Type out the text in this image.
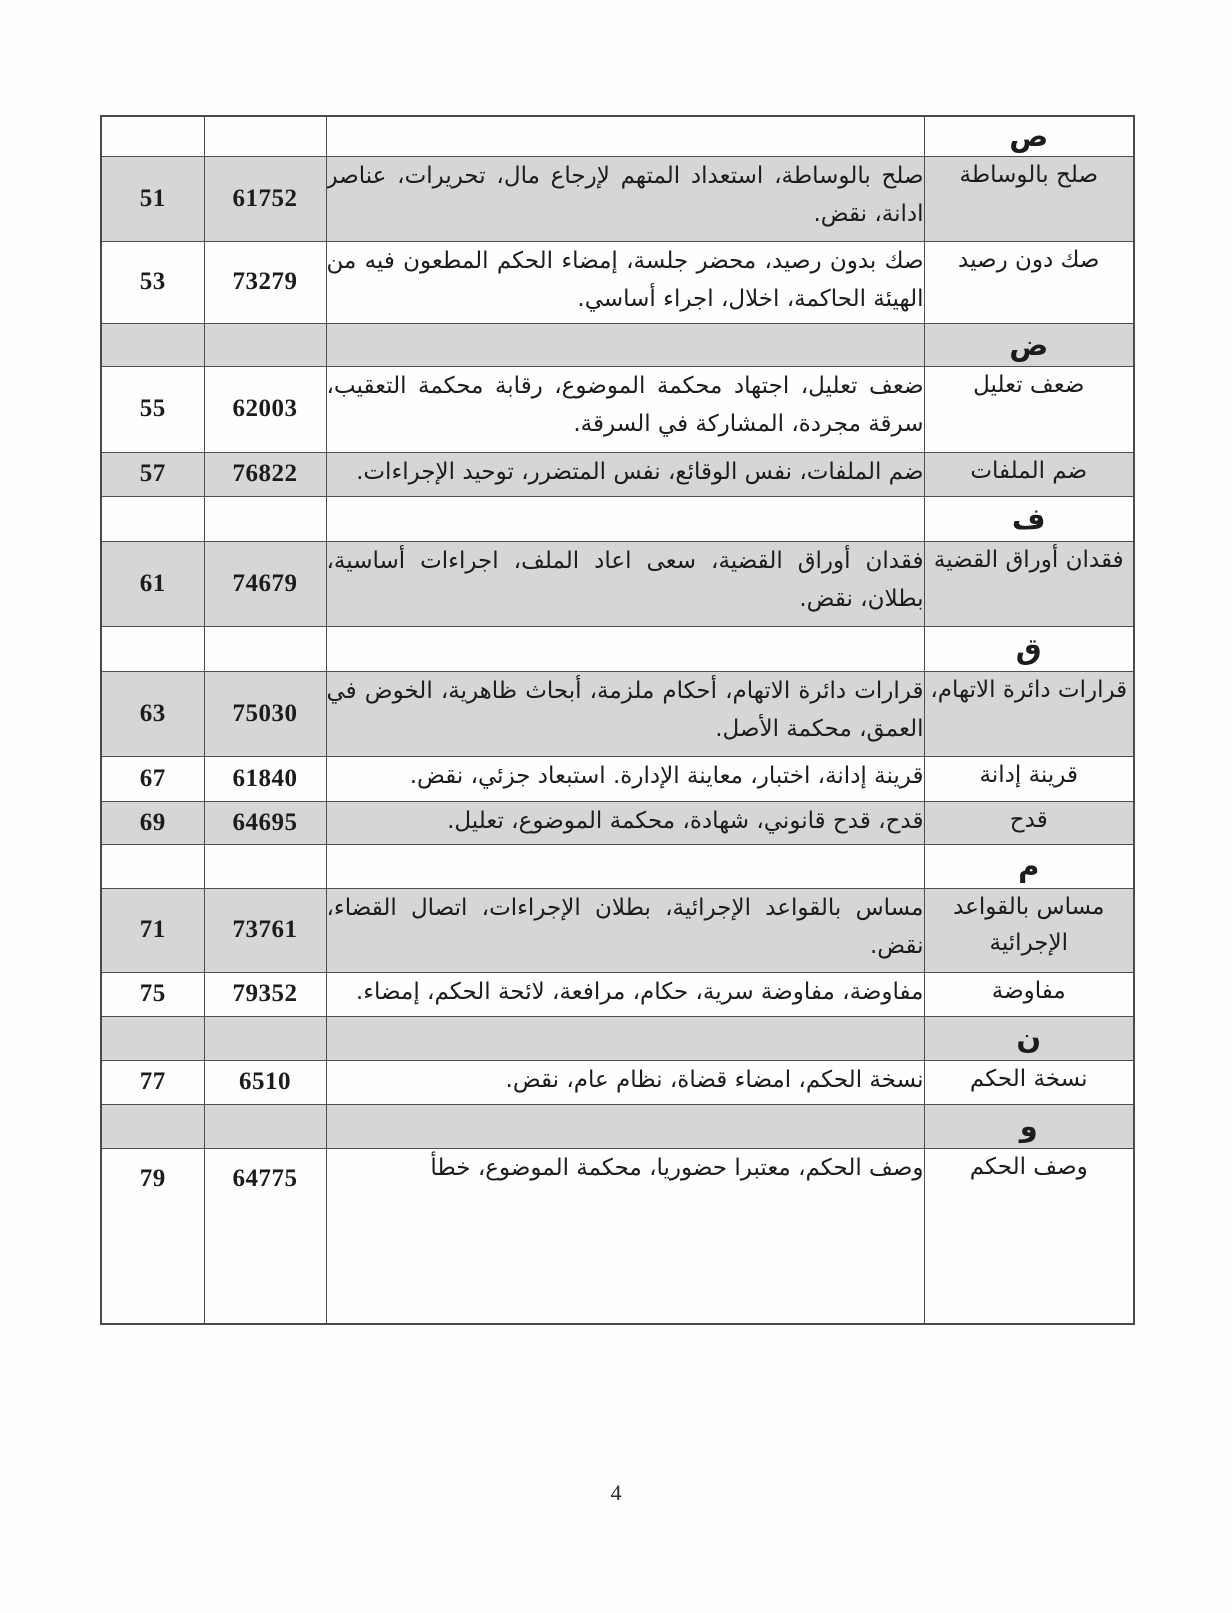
ص			
صلح بالوساطة	صلح بالوساطة، استعداد المتهم لإرجاع مال، تحريرات، عناصر ادانة، نقض.	61752	51
صك دون رصيد	صك بدون رصيد، محضر جلسة، إمضاء الحكم المطعون فيه من الهيئة الحاكمة، اخلال، اجراء أساسي.	73279	53
ض			
ضعف تعليل	ضعف تعليل، اجتهاد محكمة الموضوع، رقابة محكمة التعقيب، سرقة مجردة، المشاركة في السرقة.	62003	55
ضم الملفات	ضم الملفات، نفس الوقائع، نفس المتضرر، توحيد الإجراءات.	76822	57
ف			
فقدان أوراق القضية	فقدان أوراق القضية، سعى اعاد الملف، اجراءات أساسية، بطلان، نقض.	74679	61
ق			
قرارات دائرة الاتهام،	قرارات دائرة الاتهام، أحكام ملزمة، أبحاث ظاهرية، الخوض في العمق، محكمة الأصل.	75030	63
قرينة إدانة	قرينة إدانة، اختبار، معاينة الإدارة. استبعاد جزئي، نقض.	61840	67
قدح	قدح، قدح قانوني، شهادة، محكمة الموضوع، تعليل.	64695	69
م			
مساس بالقواعد الإجرائية	مساس بالقواعد الإجرائية، بطلان الإجراءات، اتصال القضاء، نقض.	73761	71
مفاوضة	مفاوضة، مفاوضة سرية، حكام، مرافعة، لائحة الحكم، إمضاء.	79352	75
ن			
نسخة الحكم	نسخة الحكم، امضاء قضاة، نظام عام، نقض.	6510	77
و			
وصف الحكم	وصف الحكم، معتبرا حضوريا، محكمة الموضوع، خطأ	64775	79
4
